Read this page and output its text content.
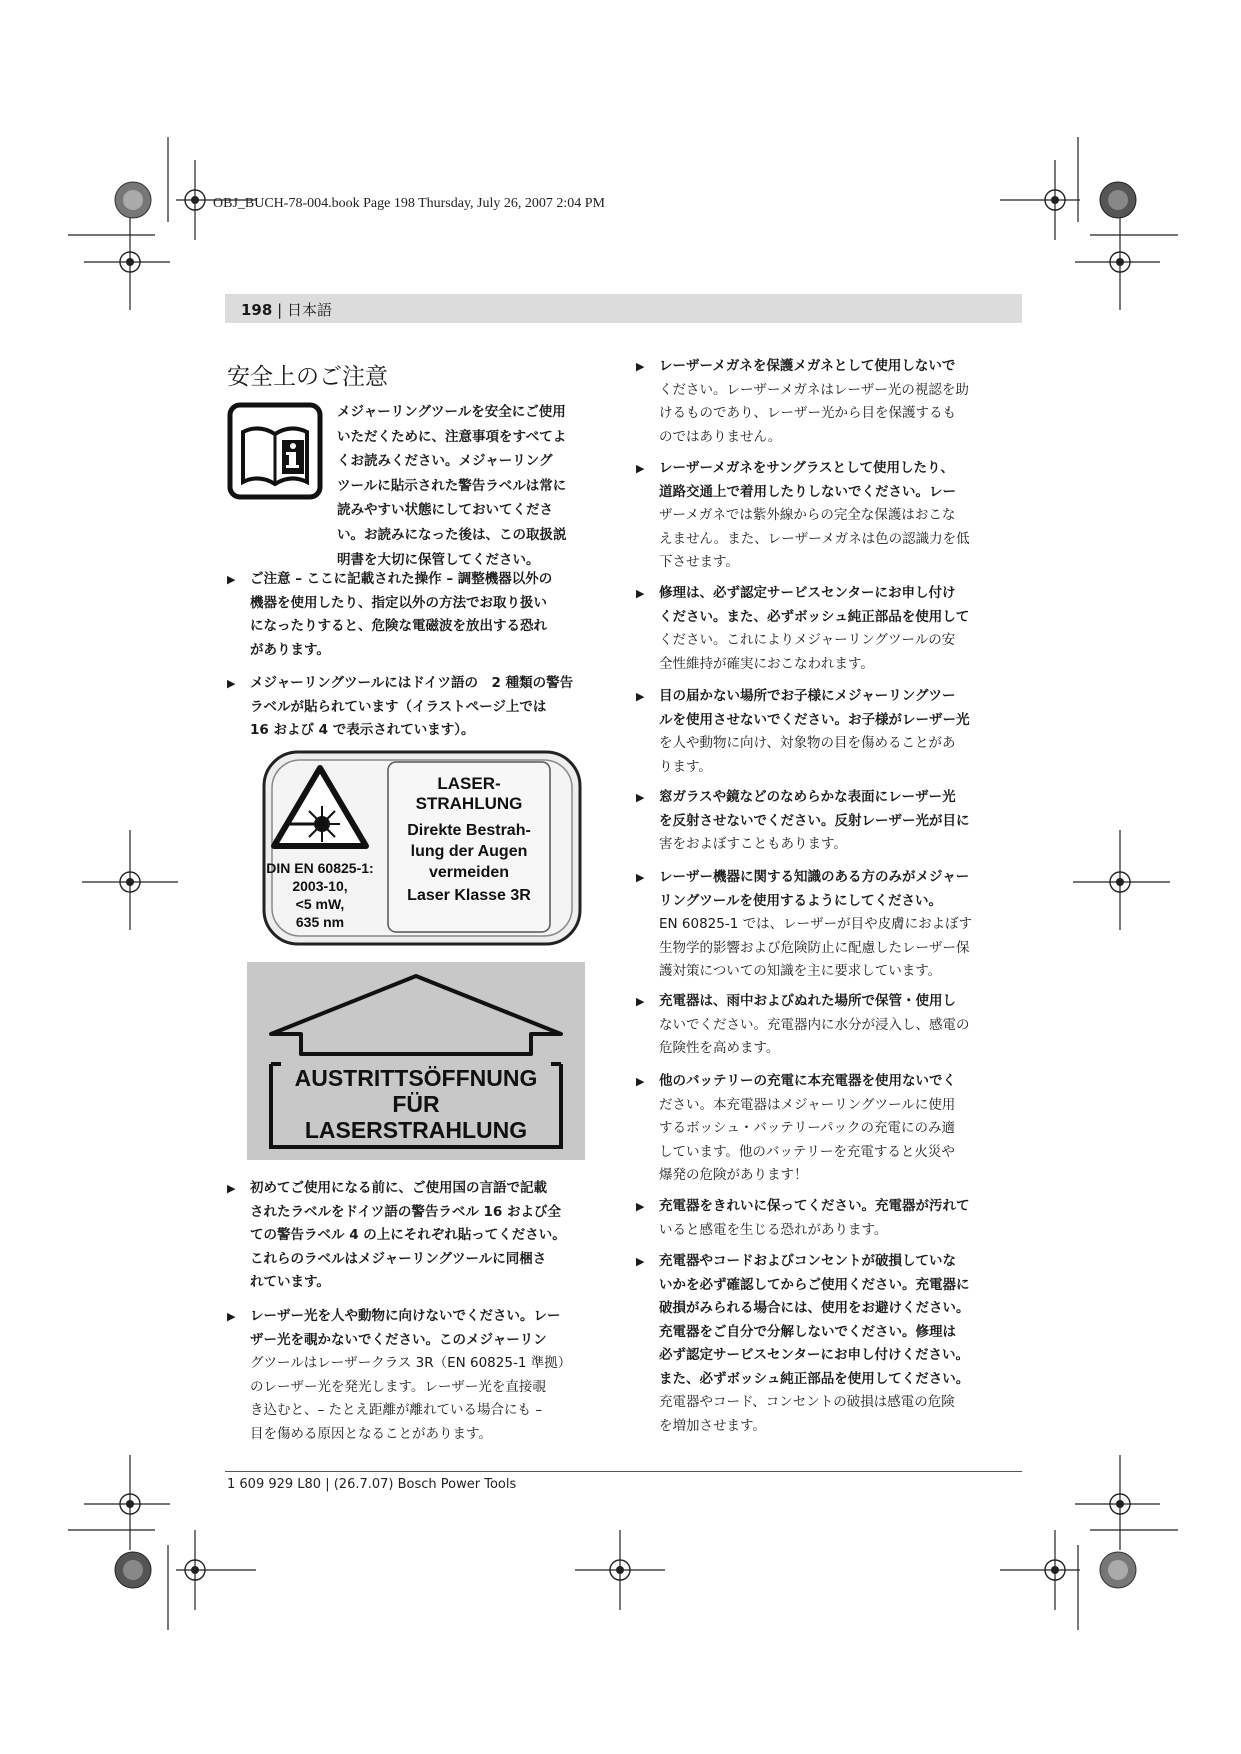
OBJ_BUCH-78-004.book Page 198 Thursday, July 26, 2007 2:04 PM
198 | 日本語
安全上のご注意
メジャーリングツールを安全にご使用
いただくために、注意事項をすべてよ
くお読みください。メジャーリング
ツールに貼示された警告ラベルは常に
読みやすい状態にしておいてくださ
い。お読みになった後は、この取扱説
明書を大切に保管してください。
▶ ご注意 – ここに記載された操作 – 調整機器以外の
機器を使用したり、指定以外の方法でお取り扱い
になったりすると、危険な電磁波を放出する恐れ
があります。
▶ メジャーリングツールにはドイツ語の　2 種類の警告
ラベルが貼られています（イラストページ上では
16 および 4 で表示されています）。
DIN EN 60825-1:
2003-10,
<5 mW,
635 nm
LASER-
STRAHLUNG
Direkte Bestrah-
lung der Augen
vermeiden
Laser Klasse 3R
AUSTRITTSÖFFNUNG
FÜR
LASERSTRAHLUNG
▶ 初めてご使用になる前に、ご使用国の言語で記載
されたラベルをドイツ語の警告ラベル 16 および全
ての警告ラベル 4 の上にそれぞれ貼ってください。
これらのラベルはメジャーリングツールに同梱さ
れています。
▶ レーザー光を人や動物に向けないでください。レー
ザー光を覗かないでください。このメジャーリン
グツールはレーザークラス 3R（EN 60825-1 準拠）
のレーザー光を発光します。レーザー光を直接覗
き込むと、– たとえ距離が離れている場合にも –
目を傷める原因となることがあります。
▶ レーザーメガネを保護メガネとして使用しないで
ください。レーザーメガネはレーザー光の視認を助
けるものであり、レーザー光から目を保護するも
のではありません。
▶ レーザーメガネをサングラスとして使用したり、
道路交通上で着用したりしないでください。レー
ザーメガネでは紫外線からの完全な保護はおこな
えません。また、レーザーメガネは色の認識力を低
下させます。
▶ 修理は、必ず認定サービスセンターにお申し付け
ください。また、必ずボッシュ純正部品を使用して
ください。これによりメジャーリングツールの安
全性維持が確実におこなわれます。
▶ 目の届かない場所でお子様にメジャーリングツー
ルを使用させないでください。お子様がレーザー光
を人や動物に向け、対象物の目を傷めることがあ
ります。
▶ 窓ガラスや鏡などのなめらかな表面にレーザー光
を反射させないでください。反射レーザー光が目に
害をおよぼすこともあります。
▶ レーザー機器に関する知識のある方のみがメジャー
リングツールを使用するようにしてください。
EN 60825-1 では、レーザーが目や皮膚におよぼす
生物学的影響および危険防止に配慮したレーザー保
護対策についての知識を主に要求しています。
▶ 充電器は、雨中およびぬれた場所で保管・使用し
ないでください。充電器内に水分が浸入し、感電の
危険性を高めます。
▶ 他のバッテリーの充電に本充電器を使用ないでく
ださい。本充電器はメジャーリングツールに使用
するボッシュ・バッテリーパックの充電にのみ適
しています。他のバッテリーを充電すると火災や
爆発の危険があります！
▶ 充電器をきれいに保ってください。充電器が汚れて
いると感電を生じる恐れがあります。
▶ 充電器やコードおよびコンセントが破損していな
いかを必ず確認してからご使用ください。充電器に
破損がみられる場合には、使用をお避けください。
充電器をご自分で分解しないでください。修理は
必ず認定サービスセンターにお申し付けください。
また、必ずボッシュ純正部品を使用してください。
充電器やコード、コンセントの破損は感電の危険
を増加させます。
1 609 929 L80 | (26.7.07) Bosch Power Tools
